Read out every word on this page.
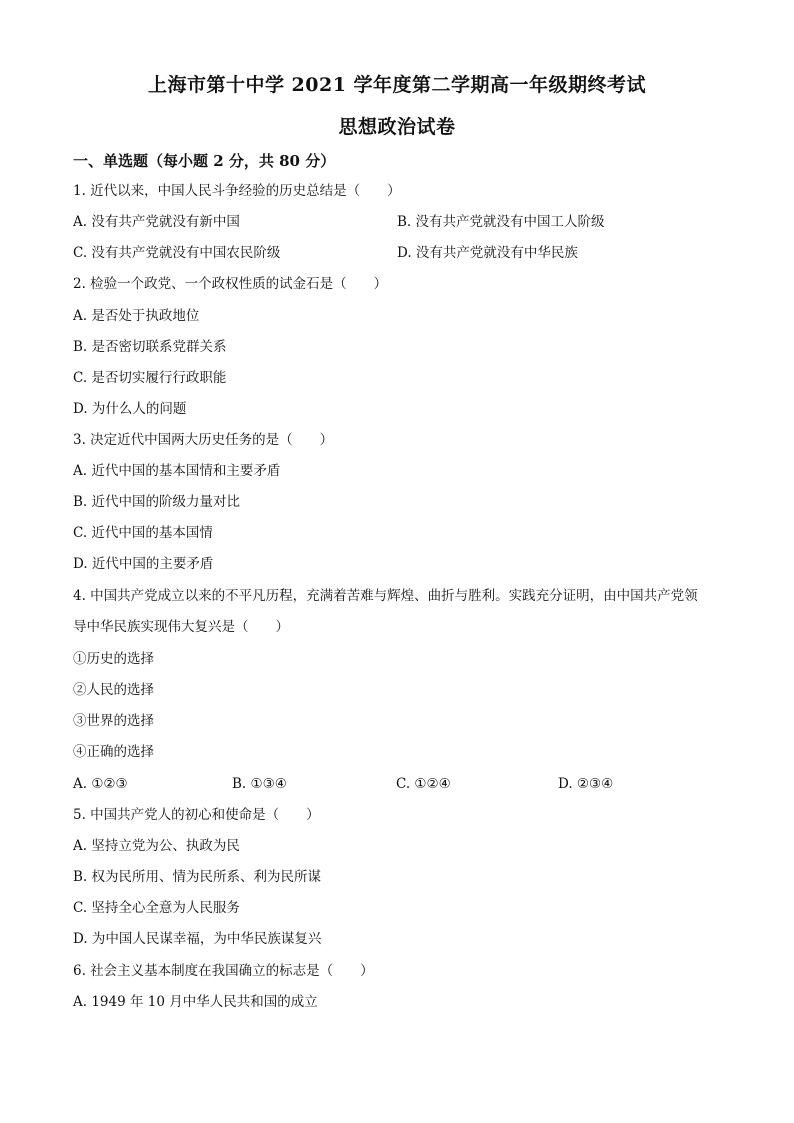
上海市第十中学 2021 学年度第二学期高一年级期终考试
思想政治试卷
一、单选题（每小题 2 分，共 80 分）
1. 近代以来，中国人民斗争经验的历史总结是（　　）
A. 没有共产党就没有新中国	B. 没有共产党就没有中国工人阶级
C. 没有共产党就没有中国农民阶级	D. 没有共产党就没有中华民族
2. 检验一个政党、一个政权性质的试金石是（　　）
A. 是否处于执政地位
B. 是否密切联系党群关系
C. 是否切实履行行政职能
D. 为什么人的问题
3. 决定近代中国两大历史任务的是（　　）
A. 近代中国的基本国情和主要矛盾
B. 近代中国的阶级力量对比
C. 近代中国的基本国情
D. 近代中国的主要矛盾
4. 中国共产党成立以来的不平凡历程，充满着苦难与辉煌、曲折与胜利。实践充分证明，由中国共产党领
导中华民族实现伟大复兴是（　　）
①历史的选择
②人民的选择
③世界的选择
④正确的选择
A. ①②③	B. ①③④	C. ①②④	D. ②③④
5. 中国共产党人的初心和使命是（　　）
A. 坚持立党为公、执政为民
B. 权为民所用、情为民所系、利为民所谋
C. 坚持全心全意为人民服务
D. 为中国人民谋幸福，为中华民族谋复兴
6. 社会主义基本制度在我国确立的标志是（　　）
A. 1949 年 10 月中华人民共和国的成立
